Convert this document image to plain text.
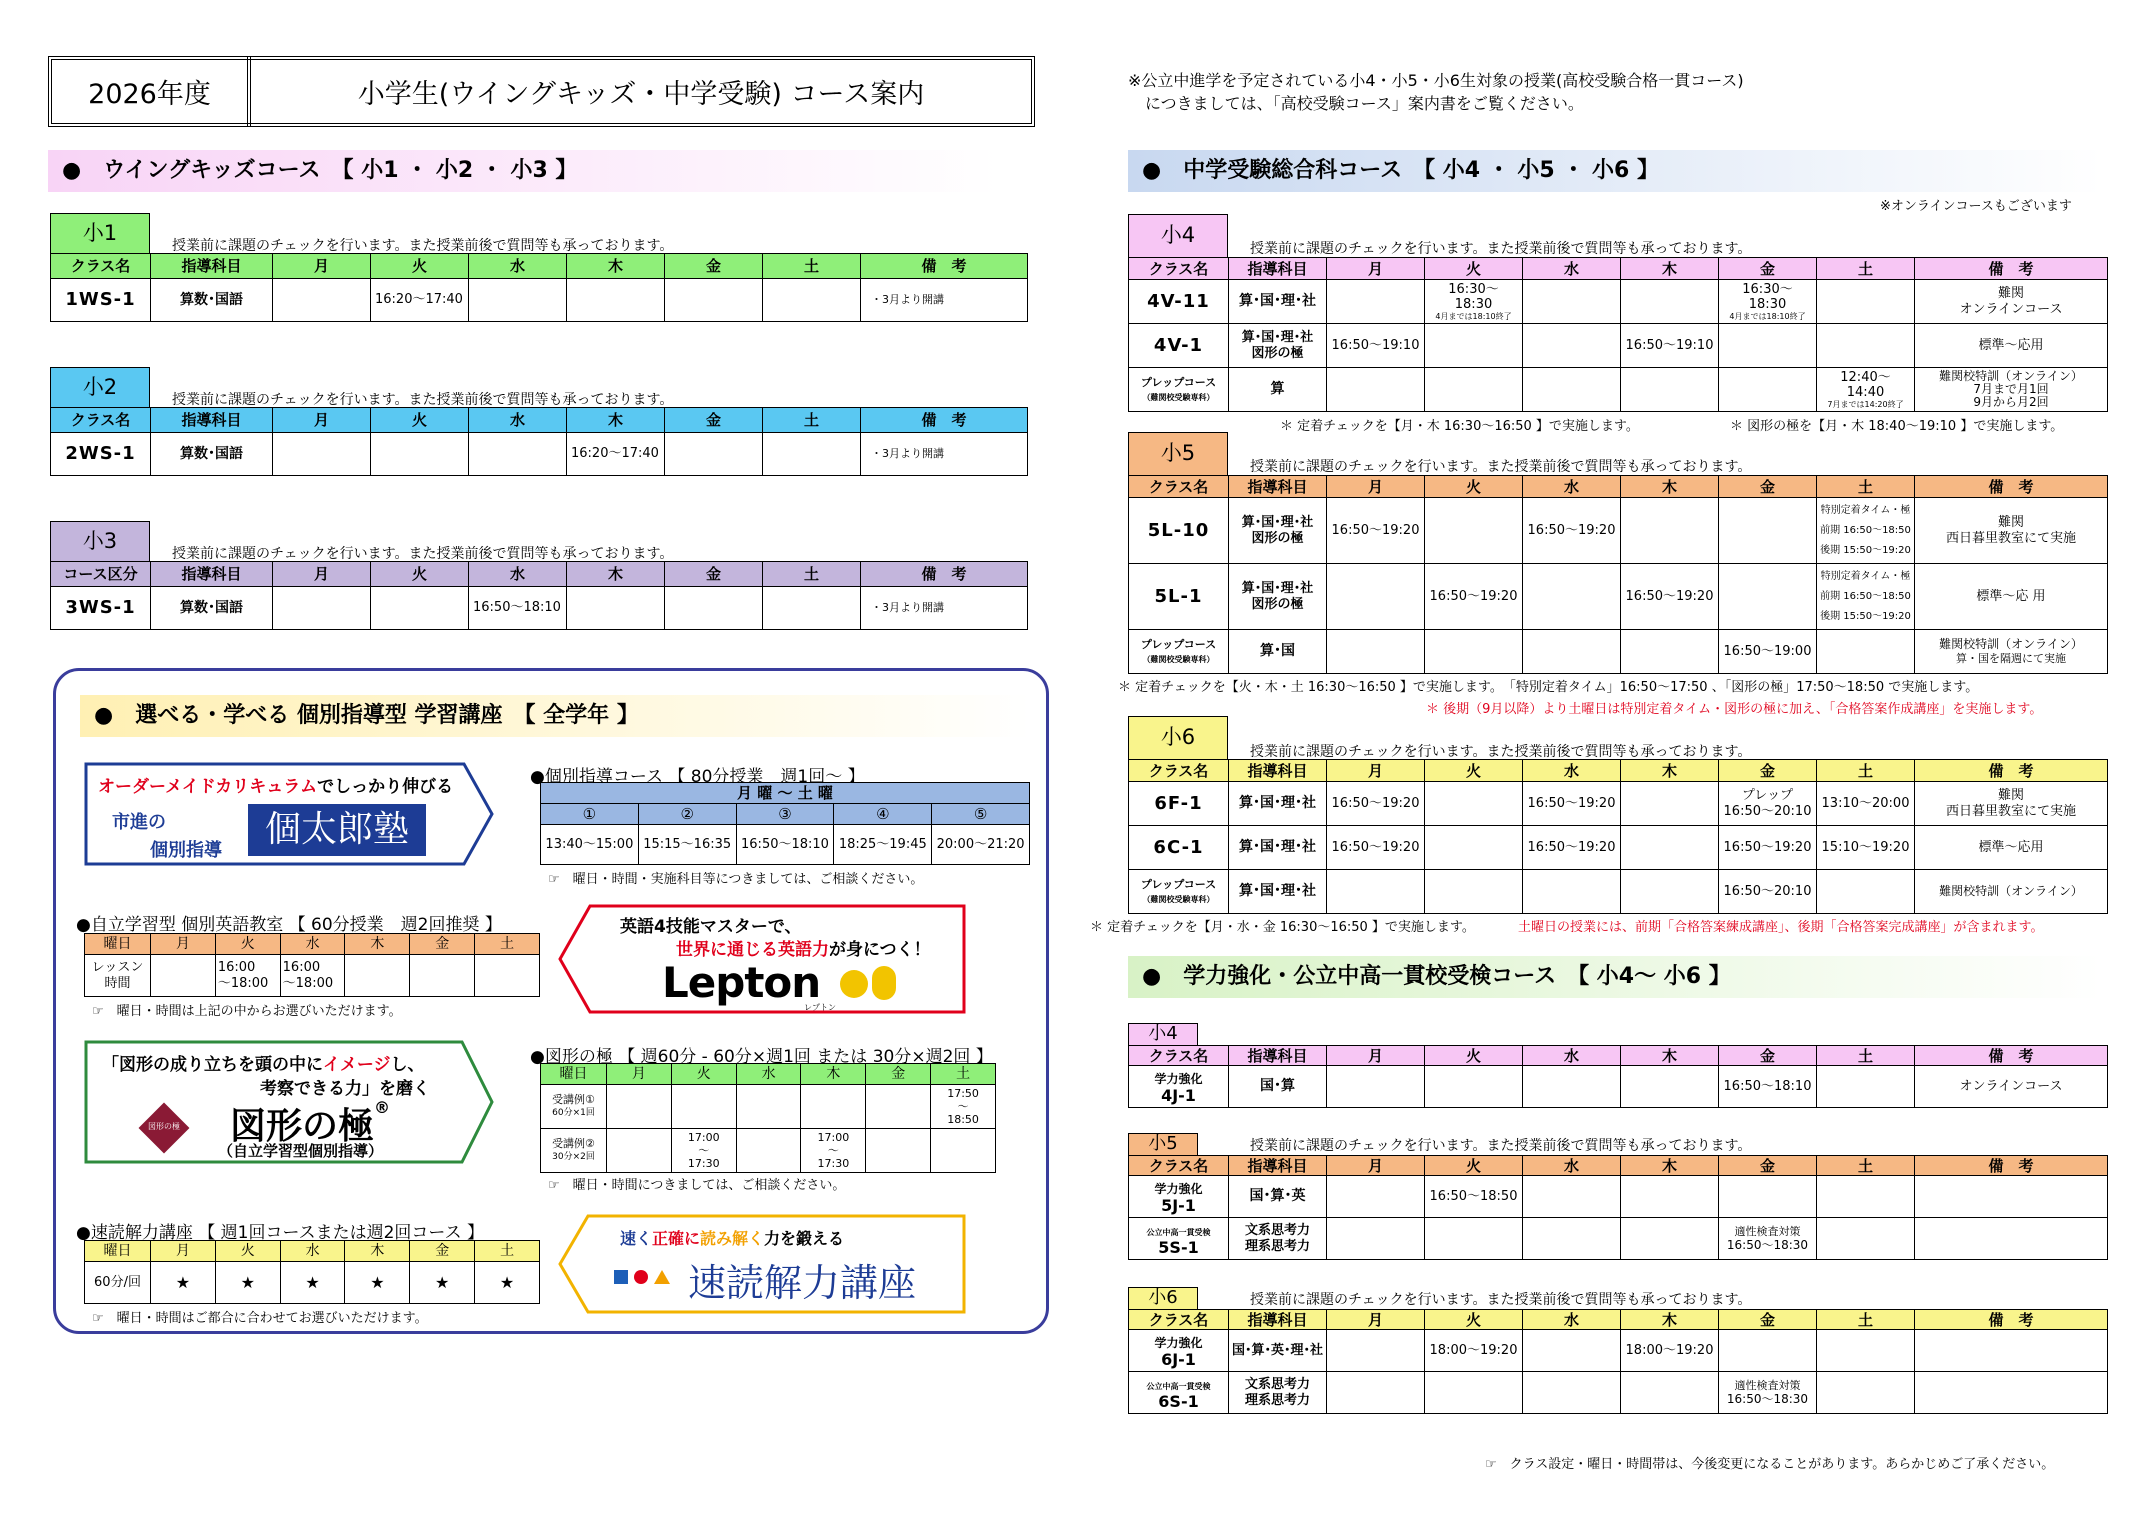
2026年度	小学生(ウイングキッズ・中学受験) コース案内	※公立中進学を予定されている小4・小5・小6生対象の授業(高校受験合格一貫コース)
につきましては、「高校受験コース」案内書をご覧ください。
●　ウイングキッズコース　【 小1 ・ 小2 ・ 小3 】
小1
授業前に課題のチェックを行います。また授業前後で質問等も承っております。
クラス名	指導科目	月	火	水	木	金	土	備　考
1WS-1	算数･国語		16:20～17:40					・3月より開講
小2
授業前に課題のチェックを行います。また授業前後で質問等も承っております。
クラス名	指導科目	月	火	水	木	金	土	備　考
2WS-1	算数･国語				16:20～17:40			・3月より開講
小3
授業前に課題のチェックを行います。また授業前後で質問等も承っております。
コース区分	指導科目	月	火	水	木	金	土	備　考
3WS-1	算数･国語			16:50～18:10				・3月より開講
●　選べる・学べる 個別指導型 学習講座　【 全学年 】
オーダーメイドカリキュラムでしっかり伸びる
市進の
個別指導
個太郎塾
●個別指導コース 【 80分授業　週1回～ 】
月 曜 ～ 土 曜				
①	②	③	④	⑤
13:40～15:00	15:15～16:35	16:50～18:10	18:25～19:45	20:00～21:20
☞　曜日・時間・実施科目等につきましては、ご相談ください。
●自立学習型 個別英語教室 【 60分授業　週2回推奨 】
曜日	月	火	水	木	金	土
レッスン
時間		16:00
～18:00	16:00
～18:00			
☞　曜日・時間は上記の中からお選びいただけます。
英語4技能マスターで、
世界に通じる英語力が身につく！
Lepton
レプトン
「図形の成り立ちを頭の中にイメージし、
考察できる力」を磨く
図形の極 図形の極®
（自立学習型個別指導）
●図形の極 【 週60分 - 60分×週1回 または 30分×週2回 】
曜日	月	火	水	木	金	土
受講例①
60分×1回						17:50
～
18:50
受講例②
30分×2回		17:00
～
17:30		17:00
～
17:30		
☞　曜日・時間につきましては、ご相談ください。
●速読解力講座 【 週1回コースまたは週2回コース 】
曜日	月	火	水	木	金	土
60分/回	★	★	★	★	★	★
☞　曜日・時間はご都合に合わせてお選びいただけます。
速く正確に読み解く力を鍛える
速読解力講座
●　中学受験総合科コース　【 小4 ・ 小5 ・ 小6 】
※オンラインコースもございます
小4
授業前に課題のチェックを行います。また授業前後で質問等も承っております。
クラス名	指導科目	月	火	水	木	金	土	備　考
4V-11	算･国･理･社		16:30～
18:30
4月までは18:10終了			16:30～
18:30
4月までは18:10終了		難関
オンラインコース
4V-1	算･国･理･社
図形の極	16:50～19:10			16:50～19:10			標準～応用
プレップコース
（難関校受験専科）	算						12:40～
14:40
7月までは14:20終了	難関校特訓（オンライン）
7月まで月1回
9月から月2回
＊ 定着チェックを【月・木 16:30～16:50 】で実施します。	＊ 図形の極を【月・木 18:40～19:10 】で実施します。
小5
授業前に課題のチェックを行います。また授業前後で質問等も承っております。
クラス名	指導科目	月	火	水	木	金	土	備　考
5L-10	算･国･理･社
図形の極	16:50～19:20		16:50～19:20			特別定着タイム・極
前期 16:50～18:50
後期 15:50～19:20	難関
西日暮里教室にて実施
5L-1	算･国･理･社
図形の極		16:50～19:20		16:50～19:20		特別定着タイム・極
前期 16:50～18:50
後期 15:50～19:20	標準～応 用
プレップコース
（難関校受験専科）	算･国					16:50～19:00		難関校特訓（オンライン）
算・国を隔週にて実施
＊ 定着チェックを【火・木・土 16:30～16:50 】で実施します。　「特別定着タイム」16:50～17:50 、「図形の極」17:50～18:50 で実施します。
＊ 後期（9月以降）より土曜日は特別定着タイム・図形の極に加え、「合格答案作成講座」を実施します。
小6
授業前に課題のチェックを行います。また授業前後で質問等も承っております。
クラス名	指導科目	月	火	水	木	金	土	備　考
6F-1	算･国･理･社	16:50～19:20		16:50～19:20		プレップ
16:50～20:10	13:10～20:00	難関
西日暮里教室にて実施
6C-1	算･国･理･社	16:50～19:20		16:50～19:20		16:50～19:20	15:10～19:20	標準～応用
プレップコース
（難関校受験専科）	算･国･理･社					16:50～20:10		難関校特訓（オンライン）
＊ 定着チェックを【月・水・金 16:30～16:50 】で実施します。	土曜日の授業には、前期「合格答案練成講座」、後期「合格答案完成講座」が含まれます。
●　学力強化・公立中高一貫校受検コース　【 小4～ 小6 】
小4
クラス名	指導科目	月	火	水	木	金	土	備　考
学力強化
4J-1	国･算					16:50～18:10		オンラインコース
小5	授業前に課題のチェックを行います。また授業前後で質問等も承っております。
クラス名	指導科目	月	火	水	木	金	土	備　考
学力強化
5J-1	国･算･英		16:50～18:50					
公立中高一貫受検
5S-1	文系思考力
理系思考力					適性検査対策
16:50～18:30		
小6	授業前に課題のチェックを行います。また授業前後で質問等も承っております。
クラス名	指導科目	月	火	水	木	金	土	備　考
学力強化
6J-1	国･算･英･理･社		18:00～19:20		18:00～19:20			
公立中高一貫受検
6S-1	文系思考力
理系思考力					適性検査対策
16:50～18:30		
☞　クラス設定・曜日・時間帯は、今後変更になることがあります。あらかじめご了承ください。
